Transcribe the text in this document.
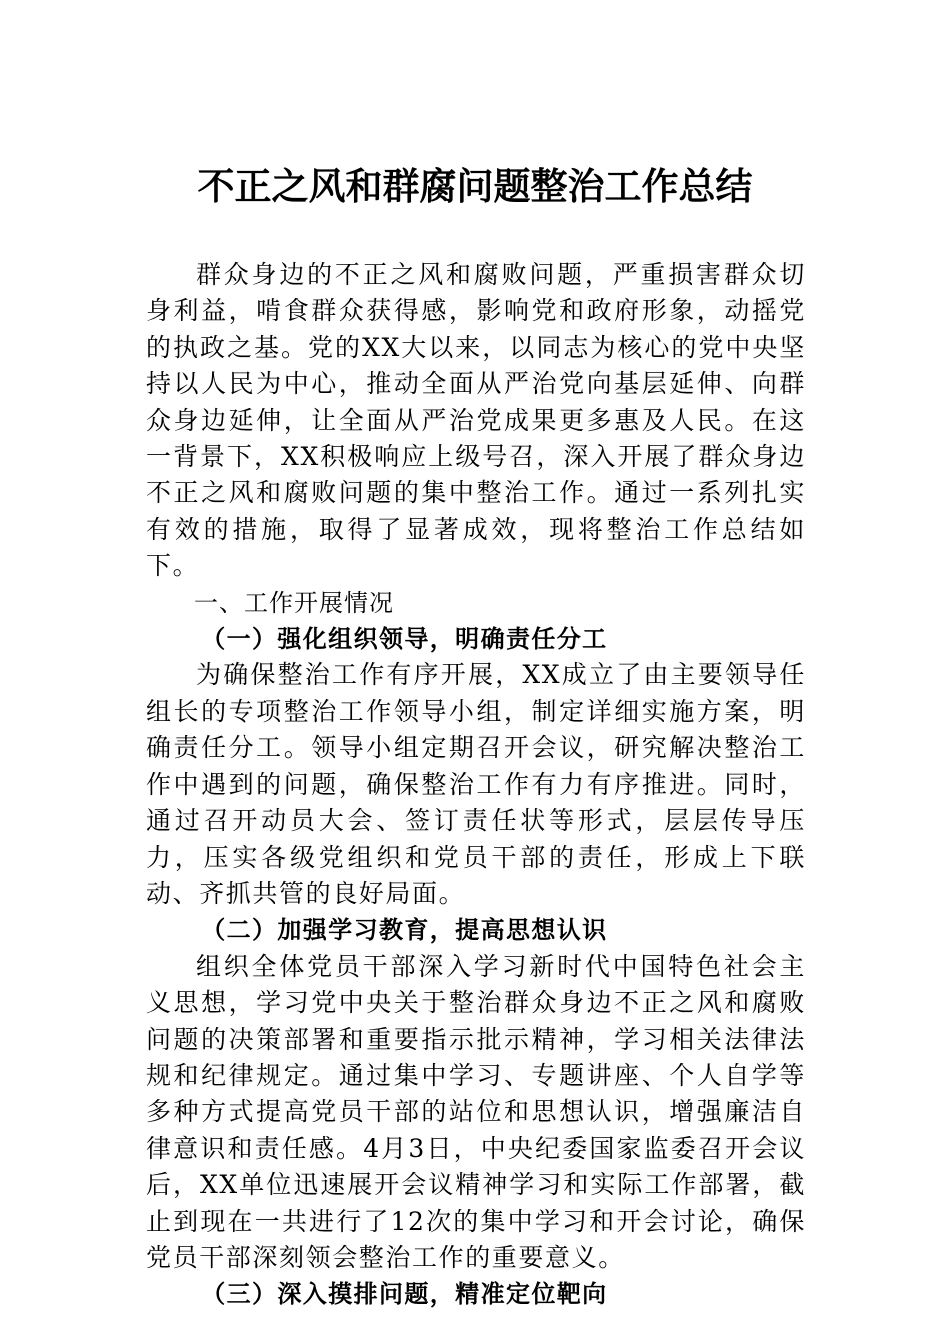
不正之风和群腐问题整治工作总结

群众身边的不正之风和腐败问题，严重损害群众切身利益，啃食群众获得感，影响党和政府形象，动摇党的执政之基。党的XX大以来，以同志为核心的党中央坚持以人民为中心，推动全面从严治党向基层延伸、向群众身边延伸，让全面从严治党成果更多惠及人民。在这一背景下，XX积极响应上级号召，深入开展了群众身边不正之风和腐败问题的集中整治工作。通过一系列扎实有效的措施，取得了显著成效，现将整治工作总结如下。

一、工作开展情况

（一）强化组织领导，明确责任分工

为确保整治工作有序开展，XX成立了由主要领导任组长的专项整治工作领导小组，制定详细实施方案，明确责任分工。领导小组定期召开会议，研究解决整治工作中遇到的问题，确保整治工作有力有序推进。同时，通过召开动员大会、签订责任状等形式，层层传导压力，压实各级党组织和党员干部的责任，形成上下联动、齐抓共管的良好局面。

（二）加强学习教育，提高思想认识

组织全体党员干部深入学习新时代中国特色社会主义思想，学习党中央关于整治群众身边不正之风和腐败问题的决策部署和重要指示批示精神，学习相关法律法规和纪律规定。通过集中学习、专题讲座、个人自学等多种方式提高党员干部的站位和思想认识，增强廉洁自律意识和责任感。4月3日，中央纪委国家监委召开会议后，XX单位迅速展开会议精神学习和实际工作部署，截止到现在一共进行了12次的集中学习和开会讨论，确保党员干部深刻领会整治工作的重要意义。

（三）深入摸排问题，精准定位靶向
